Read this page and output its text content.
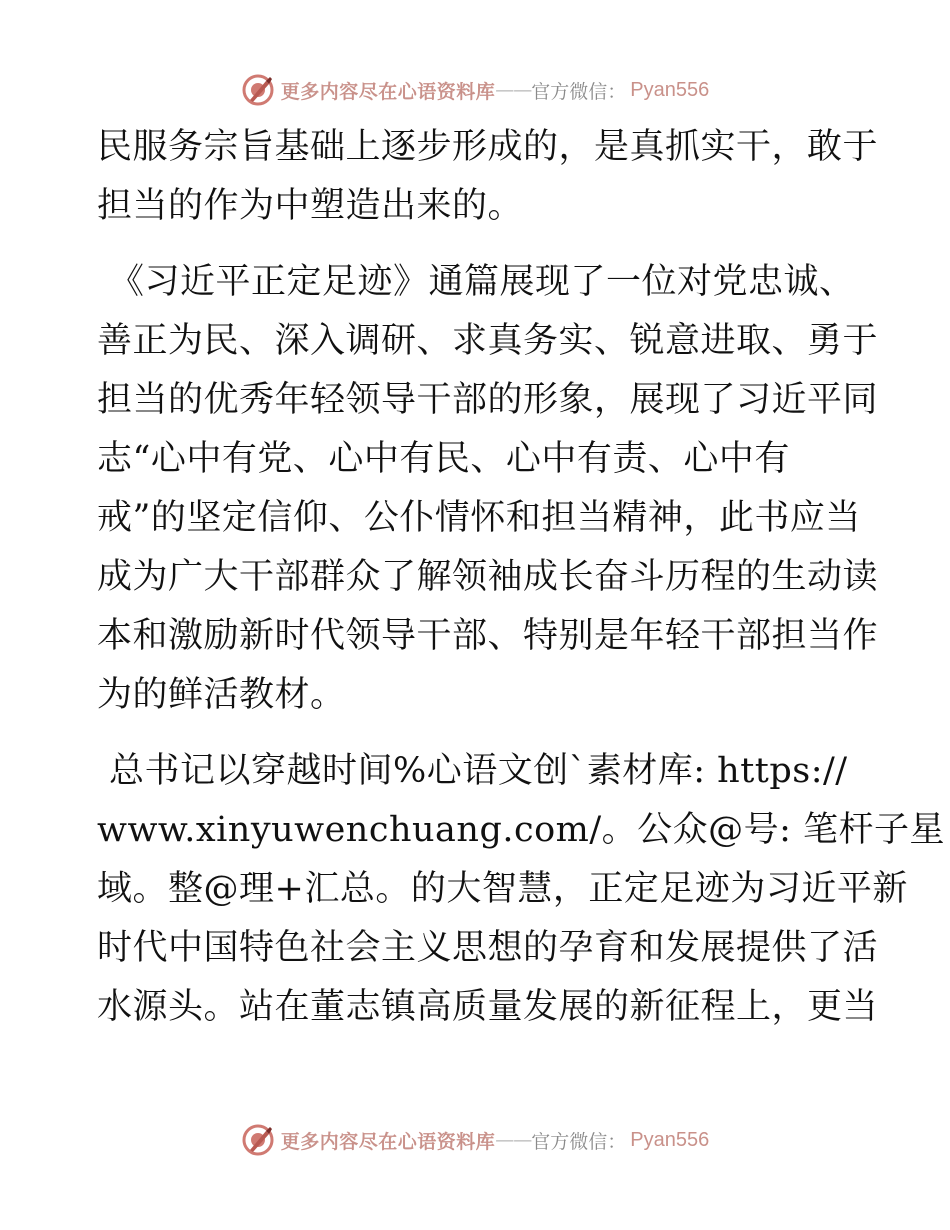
更多内容尽在心语资料库 —— 官方微信： Pyan556
民服务宗旨基础上逐步形成的，是真抓实干，敢于
担当的作为中塑造出来的。
《习近平正定足迹》通篇展现了一位对党忠诚、
善正为民、深入调研、求真务实、锐意进取、勇于
担当的优秀年轻领导干部的形象，展现了习近平同
志“心中有党、心中有民、心中有责、心中有
戒”的坚定信仰、公仆情怀和担当精神，此书应当
成为广大干部群众了解领袖成长奋斗历程的生动读
本和激励新时代领导干部、特别是年轻干部担当作
为的鲜活教材。
总书记以穿越时间%心语文创`素材库: https://
www.xinyuwenchuang.com/。公众@号: 笔杆子星
域。整@理+汇总。的大智慧，正定足迹为习近平新
时代中国特色社会主义思想的孕育和发展提供了活
水源头。站在董志镇高质量发展的新征程上，更当
更多内容尽在心语资料库 —— 官方微信： Pyan556
